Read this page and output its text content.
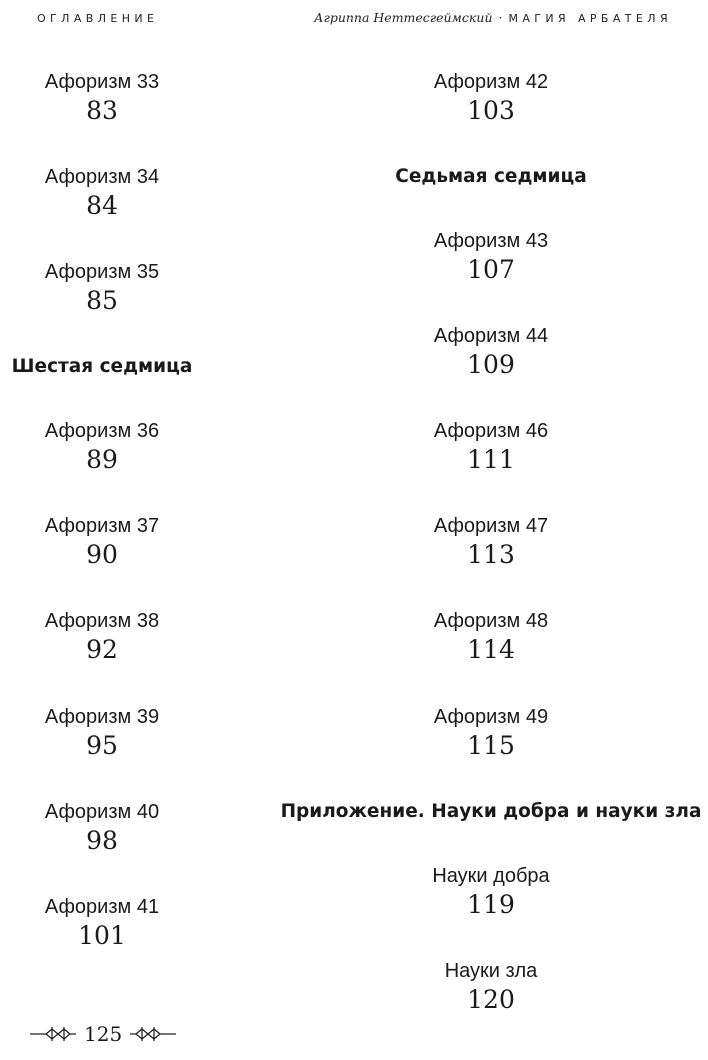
ОГЛАВЛЕНИЕ	Агриппа Неттесгеймский · МАГИЯ АРБАТЕЛЯ
Афоризм 33
83
Афоризм 34
84
Афоризм 35
85
Шестая седмица
Афоризм 36
89
Афоризм 37
90
Афоризм 38
92
Афоризм 39
95
Афоризм 40
98
Афоризм 41
101
Афоризм 42
103
Седьмая седмица
Афоризм 43
107
Афоризм 44
109
Афоризм 46
111
Афоризм 47
113
Афоризм 48
114
Афоризм 49
115
Приложение. Науки добра и науки зла
Науки добра
119
Науки зла
120
125
